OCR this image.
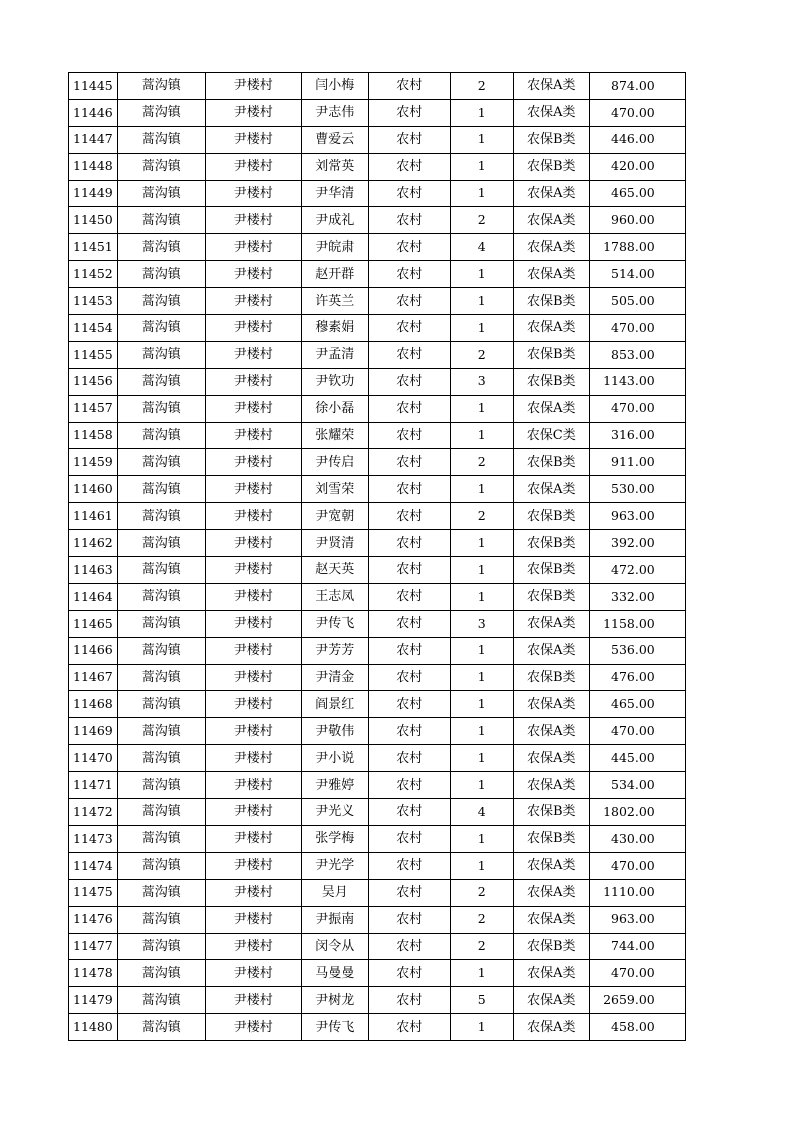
11445	蒿沟镇	尹楼村	闫小梅	农村	2	农保A类	874.00
11446	蒿沟镇	尹楼村	尹志伟	农村	1	农保A类	470.00
11447	蒿沟镇	尹楼村	曹爱云	农村	1	农保B类	446.00
11448	蒿沟镇	尹楼村	刘常英	农村	1	农保B类	420.00
11449	蒿沟镇	尹楼村	尹华清	农村	1	农保A类	465.00
11450	蒿沟镇	尹楼村	尹成礼	农村	2	农保A类	960.00
11451	蒿沟镇	尹楼村	尹皖肃	农村	4	农保A类	1788.00
11452	蒿沟镇	尹楼村	赵开群	农村	1	农保A类	514.00
11453	蒿沟镇	尹楼村	许英兰	农村	1	农保B类	505.00
11454	蒿沟镇	尹楼村	穆素娟	农村	1	农保A类	470.00
11455	蒿沟镇	尹楼村	尹孟清	农村	2	农保B类	853.00
11456	蒿沟镇	尹楼村	尹钦功	农村	3	农保B类	1143.00
11457	蒿沟镇	尹楼村	徐小磊	农村	1	农保A类	470.00
11458	蒿沟镇	尹楼村	张耀荣	农村	1	农保C类	316.00
11459	蒿沟镇	尹楼村	尹传启	农村	2	农保B类	911.00
11460	蒿沟镇	尹楼村	刘雪荣	农村	1	农保A类	530.00
11461	蒿沟镇	尹楼村	尹宽朝	农村	2	农保B类	963.00
11462	蒿沟镇	尹楼村	尹贤清	农村	1	农保B类	392.00
11463	蒿沟镇	尹楼村	赵天英	农村	1	农保B类	472.00
11464	蒿沟镇	尹楼村	王志凤	农村	1	农保B类	332.00
11465	蒿沟镇	尹楼村	尹传飞	农村	3	农保A类	1158.00
11466	蒿沟镇	尹楼村	尹芳芳	农村	1	农保A类	536.00
11467	蒿沟镇	尹楼村	尹清金	农村	1	农保B类	476.00
11468	蒿沟镇	尹楼村	阎景红	农村	1	农保A类	465.00
11469	蒿沟镇	尹楼村	尹敬伟	农村	1	农保A类	470.00
11470	蒿沟镇	尹楼村	尹小说	农村	1	农保A类	445.00
11471	蒿沟镇	尹楼村	尹雅婷	农村	1	农保A类	534.00
11472	蒿沟镇	尹楼村	尹光义	农村	4	农保B类	1802.00
11473	蒿沟镇	尹楼村	张学梅	农村	1	农保B类	430.00
11474	蒿沟镇	尹楼村	尹光学	农村	1	农保A类	470.00
11475	蒿沟镇	尹楼村	吴月	农村	2	农保A类	1110.00
11476	蒿沟镇	尹楼村	尹振南	农村	2	农保A类	963.00
11477	蒿沟镇	尹楼村	闵令从	农村	2	农保B类	744.00
11478	蒿沟镇	尹楼村	马曼曼	农村	1	农保A类	470.00
11479	蒿沟镇	尹楼村	尹树龙	农村	5	农保A类	2659.00
11480	蒿沟镇	尹楼村	尹传飞	农村	1	农保A类	458.00
